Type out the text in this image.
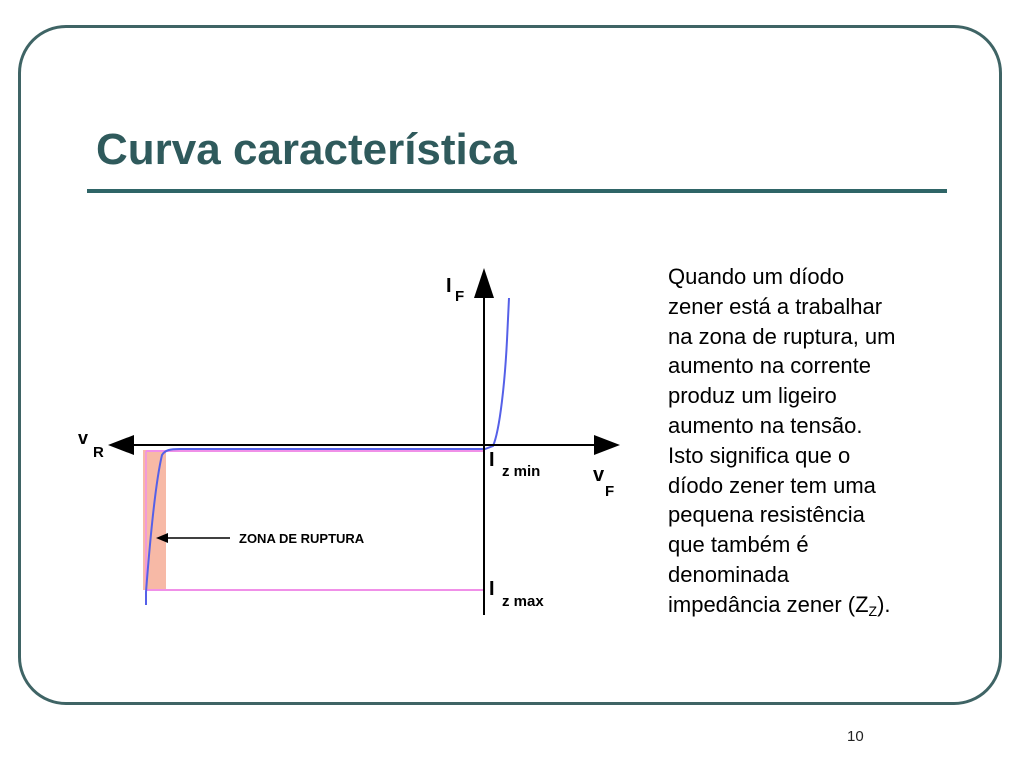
Curva característica
I F
v
R
v
F
I
z min
I
z max
ZONA DE RUPTURA
Quando um díodo
zener está a trabalhar
na zona de ruptura, um
aumento na corrente
produz um ligeiro
aumento na tensão.
Isto significa que o
díodo zener tem uma
pequena resistência
que também é
denominada
impedância zener $(Z_Z)$.
10
